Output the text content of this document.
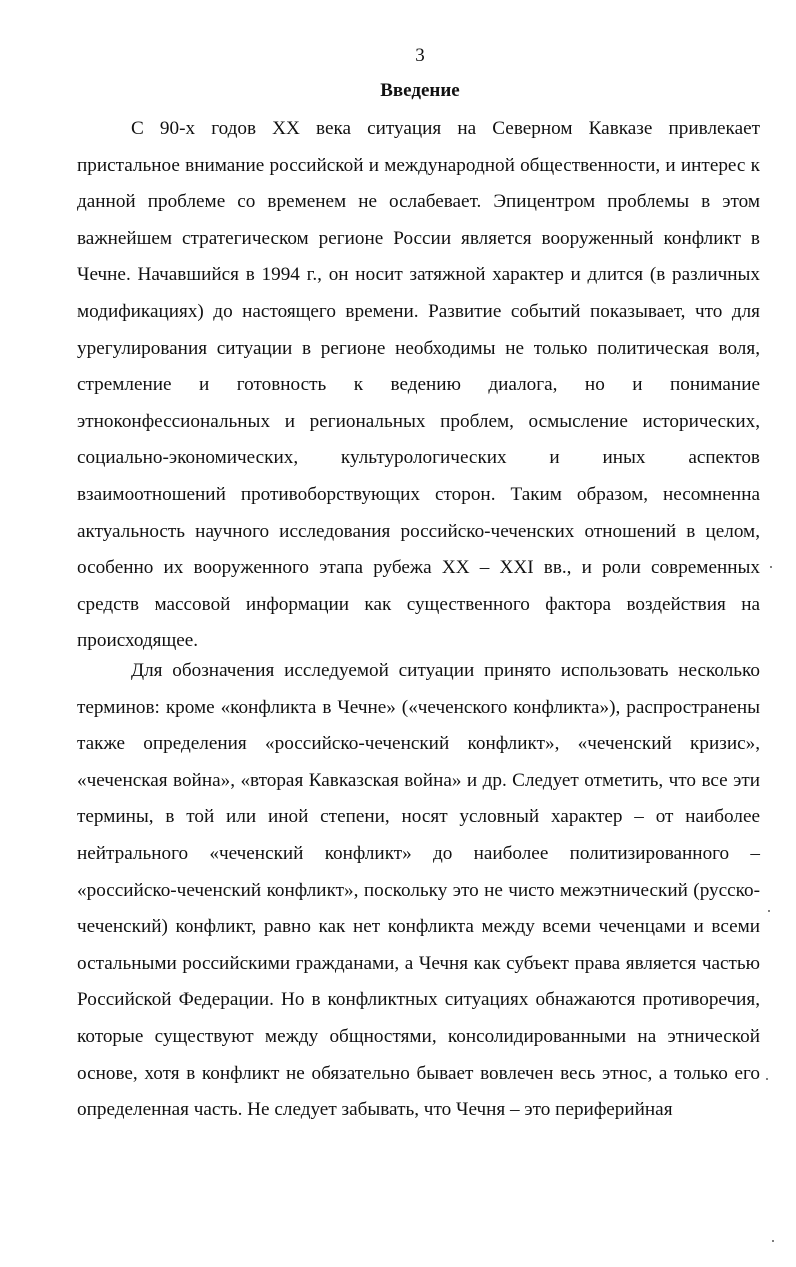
3
Введение

С 90-х годов XX века ситуация на Северном Кавказе привлекает пристальное внимание российской и международной общественности, и интерес к данной проблеме со временем не ослабевает. Эпицентром проблемы в этом важнейшем стратегическом регионе России является вооруженный конфликт в Чечне. Начавшийся в 1994 г., он носит затяжной характер и длится (в различных модификациях) до настоящего времени. Развитие событий показывает, что для урегулирования ситуации в регионе необходимы не только политическая воля, стремление и готовность к ведению диалога, но и понимание этноконфессиональных и региональных проблем, осмысление исторических, социально-экономических, культурологических и иных аспектов взаимоотношений противоборствующих сторон. Таким образом, несомненна актуальность научного исследования российско-чеченских отношений в целом, особенно их вооруженного этапа рубежа XX – XXI вв., и роли современных средств массовой информации как существенного фактора воздействия на происходящее.

Для обозначения исследуемой ситуации принято использовать несколько терминов: кроме «конфликта в Чечне» («чеченского конфликта»), распространены также определения «российско-чеченский конфликт», «чеченский кризис», «чеченская война», «вторая Кавказская война» и др. Следует отметить, что все эти термины, в той или иной степени, носят условный характер – от наиболее нейтрального «чеченский конфликт» до наиболее политизированного – «российско-чеченский конфликт», поскольку это не чисто межэтнический (русско-чеченский) конфликт, равно как нет конфликта между всеми чеченцами и всеми остальными российскими гражданами, а Чечня как субъект права является частью Российской Федерации. Но в конфликтных ситуациях обнажаются противоречия, которые существуют между общностями, консолидированными на этнической основе, хотя в конфликт не обязательно бывает вовлечен весь этнос, а только его определенная часть. Не следует забывать, что Чечня – это периферийная
